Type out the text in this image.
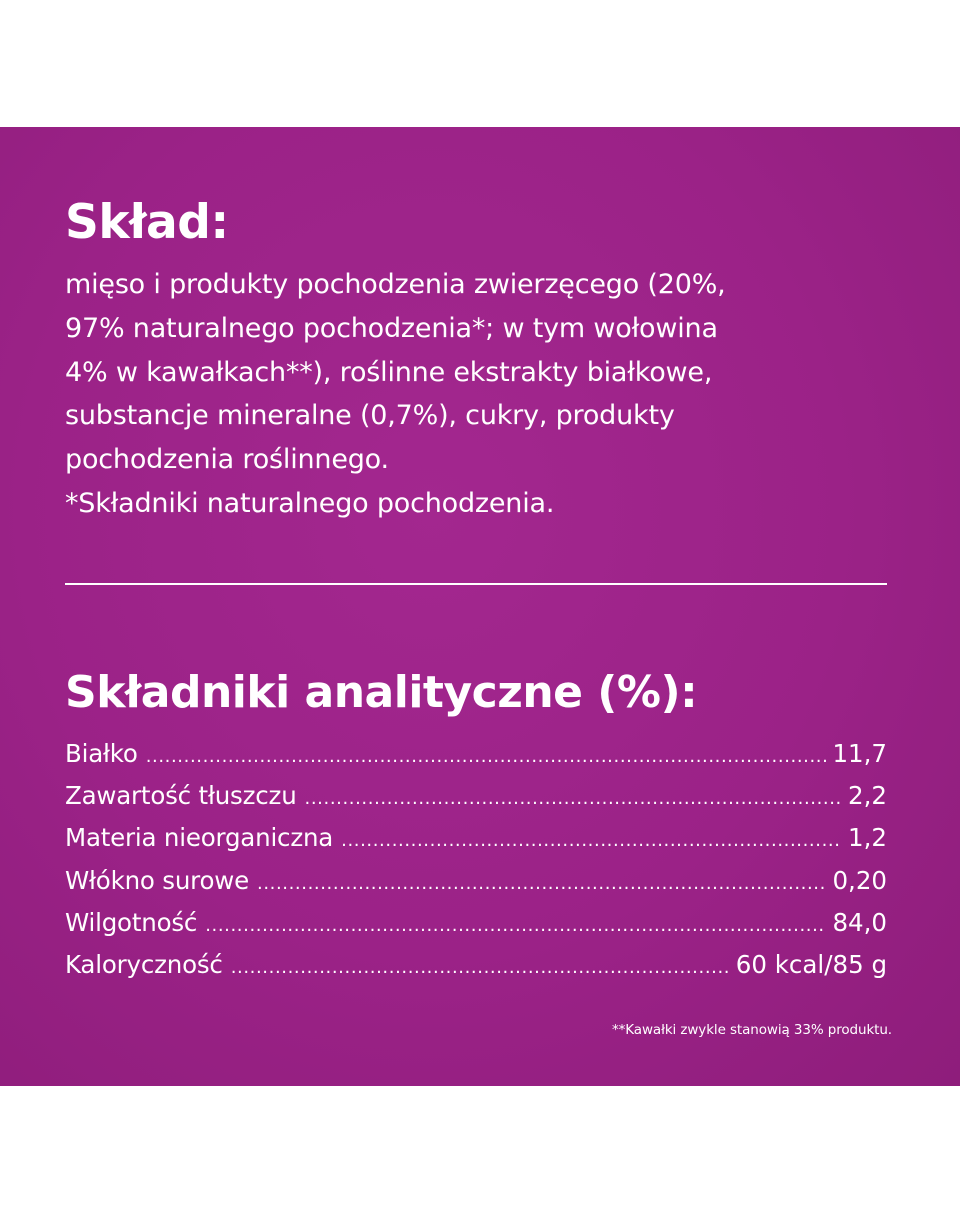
Skład:
mięso i produkty pochodzenia zwierzęcego (20%,
97% naturalnego pochodzenia*; w tym wołowina
4% w kawałkach**), roślinne ekstrakty białkowe,
substancje mineralne (0,7%), cukry, produkty
pochodzenia roślinnego.
*Składniki naturalnego pochodzenia.
Składniki analityczne (%):
Białko .....	11,7
Zawartość tłuszczu .....	2,2
Materia nieorganiczna .....	1,2
Włókno surowe .....	0,20
Wilgotność .....	84,0
Kaloryczność .....	60 kcal/85 g
**Kawałki zwykle stanowią 33% produktu.
